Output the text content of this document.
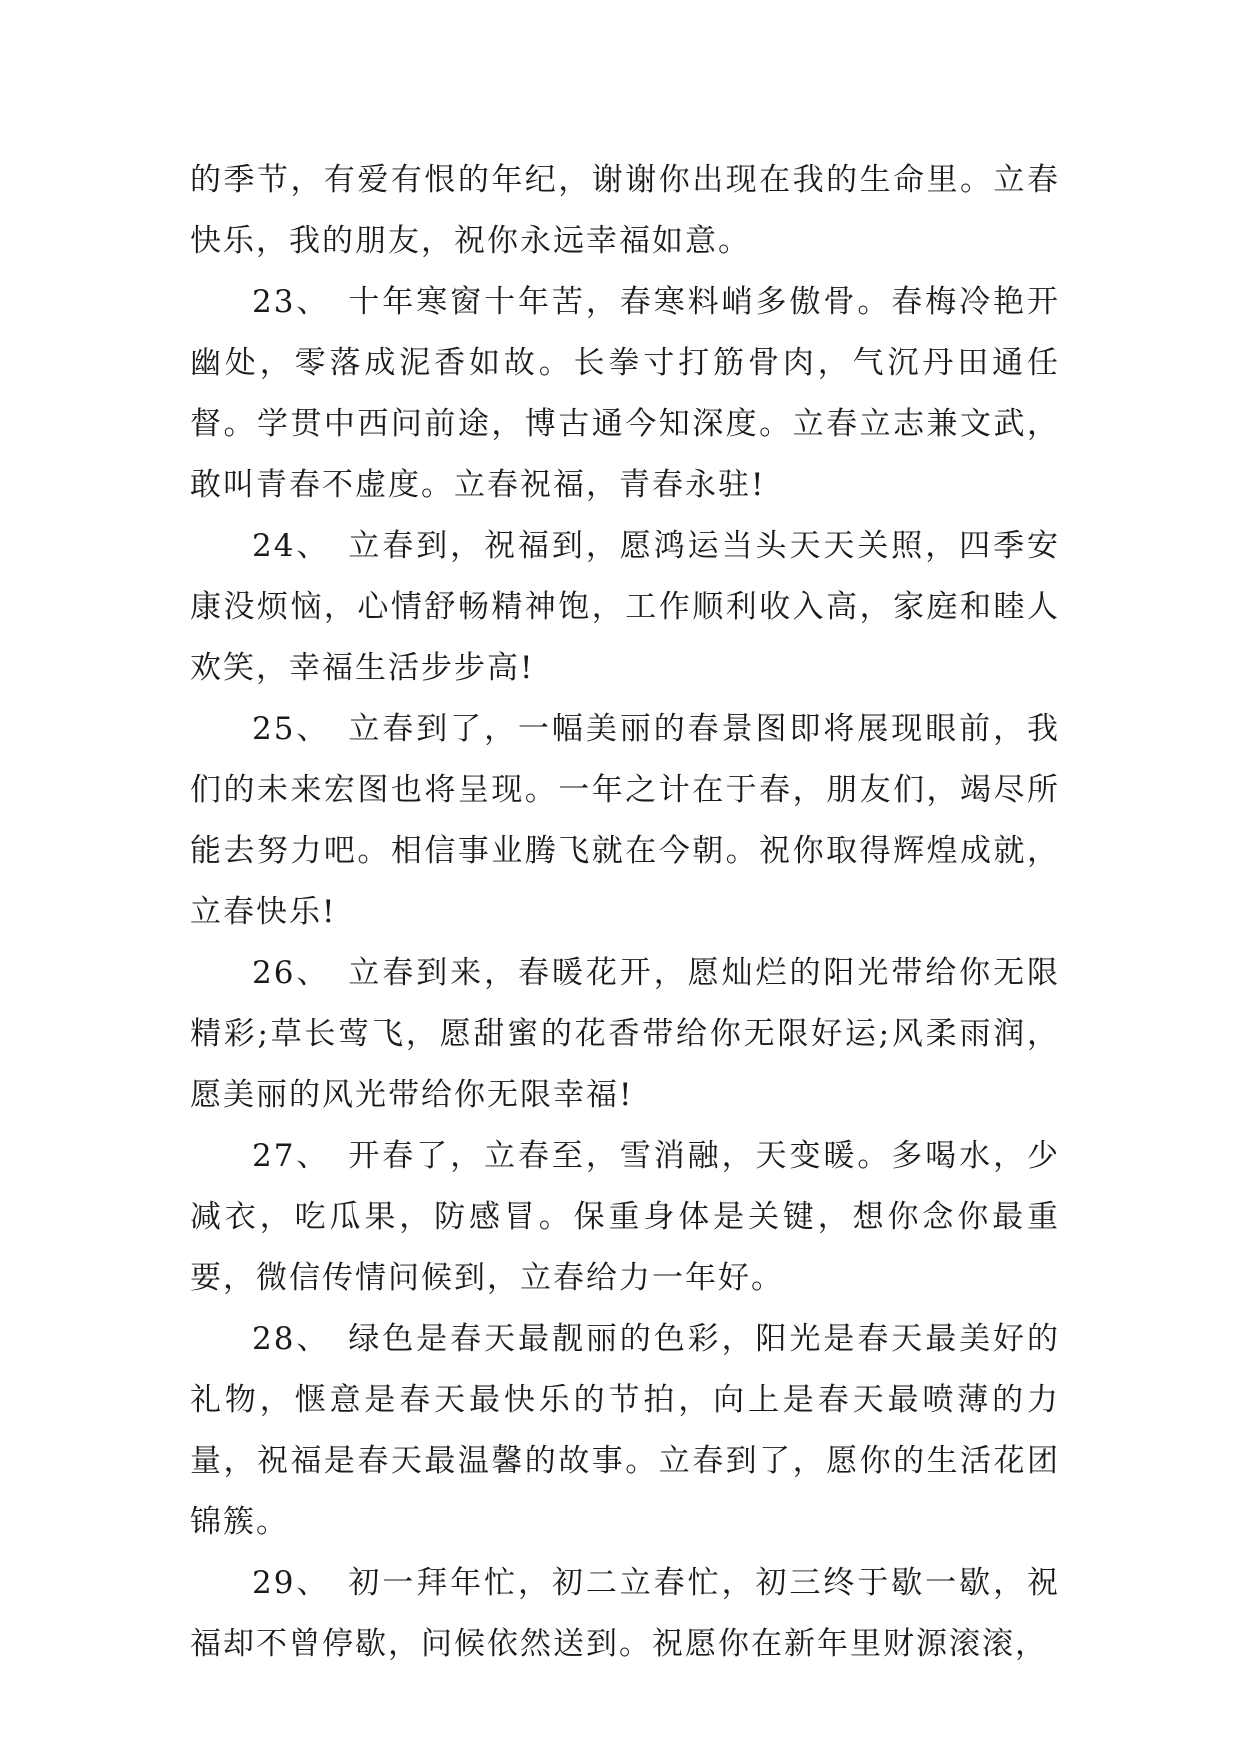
的季节，有爱有恨的年纪，谢谢你出现在我的生命里。立春快乐，我的朋友，祝你永远幸福如意。

23、 十年寒窗十年苦，春寒料峭多傲骨。春梅冷艳开幽处，零落成泥香如故。长拳寸打筋骨肉，气沉丹田通任督。学贯中西问前途，博古通今知深度。立春立志兼文武，敢叫青春不虚度。立春祝福，青春永驻!

24、 立春到，祝福到，愿鸿运当头天天关照，四季安康没烦恼，心情舒畅精神饱，工作顺利收入高，家庭和睦人欢笑，幸福生活步步高!

25、 立春到了，一幅美丽的春景图即将展现眼前，我们的未来宏图也将呈现。一年之计在于春，朋友们，竭尽所能去努力吧。相信事业腾飞就在今朝。祝你取得辉煌成就，立春快乐!

26、 立春到来，春暖花开，愿灿烂的阳光带给你无限精彩;草长莺飞，愿甜蜜的花香带给你无限好运;风柔雨润，愿美丽的风光带给你无限幸福!

27、 开春了，立春至，雪消融，天变暖。多喝水，少减衣，吃瓜果，防感冒。保重身体是关键，想你念你最重要，微信传情问候到，立春给力一年好。

28、 绿色是春天最靓丽的色彩，阳光是春天最美好的礼物，惬意是春天最快乐的节拍，向上是春天最喷薄的力量，祝福是春天最温馨的故事。立春到了，愿你的生活花团锦簇。

29、 初一拜年忙，初二立春忙，初三终于歇一歇，祝福却不曾停歇，问候依然送到。祝愿你在新年里财源滚滚，
